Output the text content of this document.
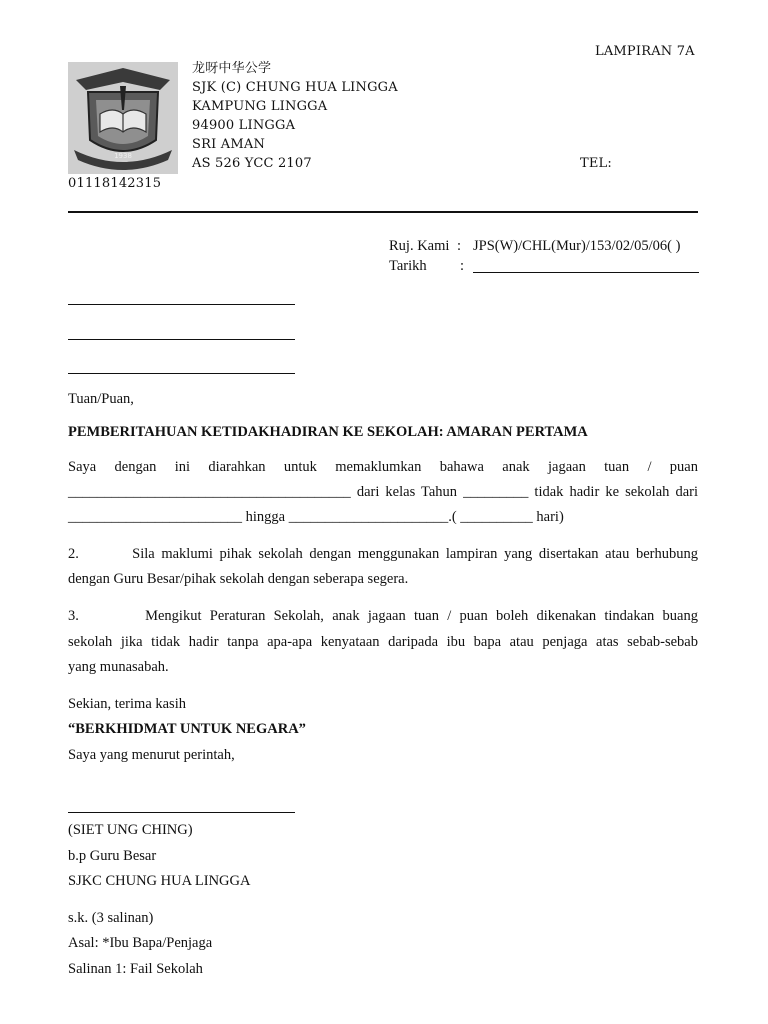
LAMPIRAN 7A
1938
龙呀中华公学
SJK (C) CHUNG HUA LINGGA
KAMPUNG LINGGA
94900 LINGGA
SRI AMAN
AS 526 YCC 2107	TEL:
01118142315
Ruj. Kami : JPS(W)/CHL(Mur)/153/02/05/06( )
Tarikh :
Tuan/Puan,
PEMBERITAHUAN KETIDAKHADIRAN KE SEKOLAH: AMARAN PERTAMA
Saya dengan ini diarahkan untuk memaklumkan bahawa anak jagaan tuan / puan
_______________________________________ dari kelas Tahun _________ tidak hadir ke sekolah dari
________________________ hingga ______________________.( __________ hari)
2.        Sila maklumi pihak sekolah dengan menggunakan lampiran yang disertakan atau berhubung
dengan Guru Besar/pihak sekolah dengan seberapa segera.
3.        Mengikut Peraturan Sekolah, anak jagaan tuan / puan boleh dikenakan tindakan buang
sekolah jika tidak hadir tanpa apa-apa kenyataan daripada ibu bapa atau penjaga atas sebab-sebab
yang munasabah.
Sekian, terima kasih
“BERKHIDMAT UNTUK NEGARA”
Saya yang menurut perintah,
(SIET UNG CHING)
b.p Guru Besar
SJKC CHUNG HUA LINGGA
s.k. (3 salinan)
Asal: *Ibu Bapa/Penjaga
Salinan 1: Fail Sekolah
